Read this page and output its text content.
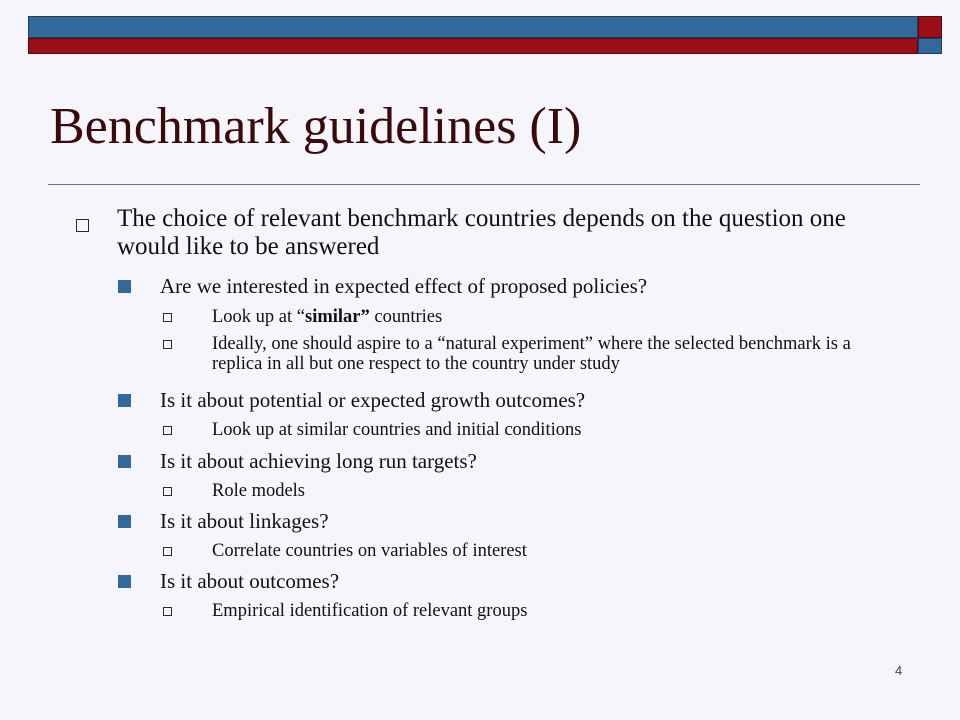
Benchmark guidelines (I)
The choice of relevant benchmark countries depends on the question one would like to be answered
Are we interested in expected effect of proposed policies?
Look up at “similar” countries
Ideally, one should aspire to a “natural experiment” where the selected benchmark is a replica in all but one respect to the country under study
Is it about potential or expected growth outcomes?
Look up at similar countries and initial conditions
Is it about achieving long run targets?
Role models
Is it about linkages?
Correlate countries on variables of interest
Is it about outcomes?
Empirical identification of relevant groups
4
